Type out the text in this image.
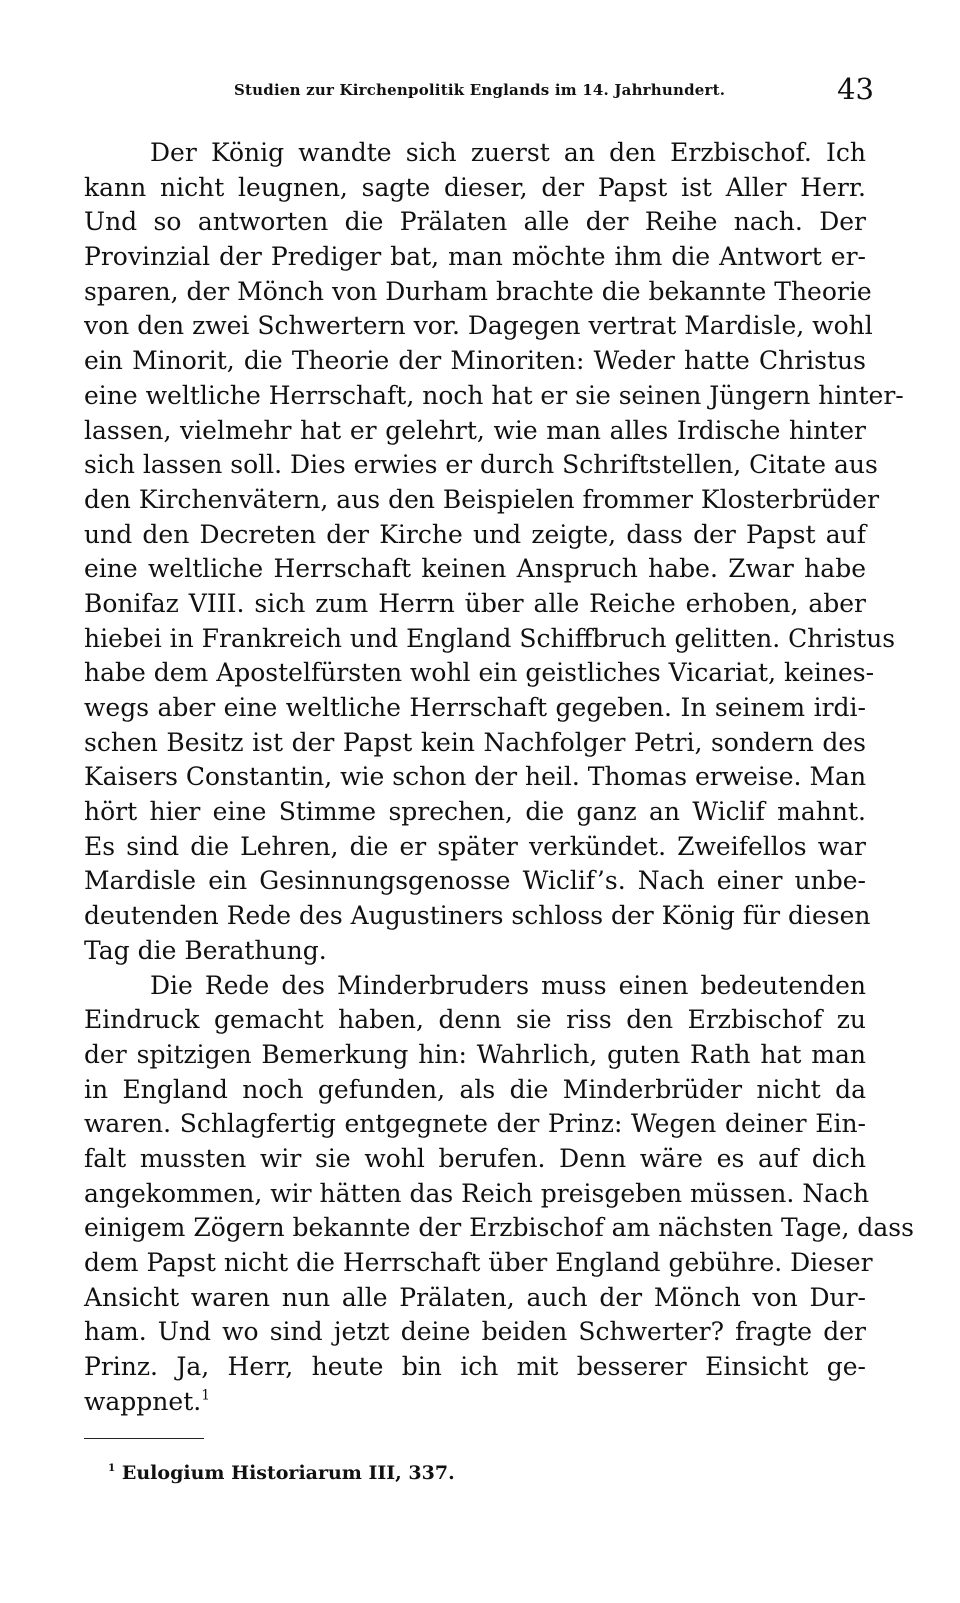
Studien zur Kirchenpolitik Englands im 14. Jahrhundert.	43
Der König wandte sich zuerst an den Erzbischof. Ich
kann nicht leugnen, sagte dieser, der Papst ist Aller Herr.
Und so antworten die Prälaten alle der Reihe nach. Der
Provinzial der Prediger bat, man möchte ihm die Antwort er-
sparen, der Mönch von Durham brachte die bekannte Theorie
von den zwei Schwertern vor. Dagegen vertrat Mardisle, wohl
ein Minorit, die Theorie der Minoriten: Weder hatte Christus
eine weltliche Herrschaft, noch hat er sie seinen Jüngern hinter-
lassen, vielmehr hat er gelehrt, wie man alles Irdische hinter
sich lassen soll. Dies erwies er durch Schriftstellen, Citate aus
den Kirchenvätern, aus den Beispielen frommer Klosterbrüder
und den Decreten der Kirche und zeigte, dass der Papst auf
eine weltliche Herrschaft keinen Anspruch habe. Zwar habe
Bonifaz VIII. sich zum Herrn über alle Reiche erhoben, aber
hiebei in Frankreich und England Schiffbruch gelitten. Christus
habe dem Apostelfürsten wohl ein geistliches Vicariat, keines-
wegs aber eine weltliche Herrschaft gegeben. In seinem irdi-
schen Besitz ist der Papst kein Nachfolger Petri, sondern des
Kaisers Constantin, wie schon der heil. Thomas erweise. Man
hört hier eine Stimme sprechen, die ganz an Wiclif mahnt.
Es sind die Lehren, die er später verkündet. Zweifellos war
Mardisle ein Gesinnungsgenosse Wiclif’s. Nach einer unbe-
deutenden Rede des Augustiners schloss der König für diesen
Tag die Berathung.
Die Rede des Minderbruders muss einen bedeutenden
Eindruck gemacht haben, denn sie riss den Erzbischof zu
der spitzigen Bemerkung hin: Wahrlich, guten Rath hat man
in England noch gefunden, als die Minderbrüder nicht da
waren. Schlagfertig entgegnete der Prinz: Wegen deiner Ein-
falt mussten wir sie wohl berufen. Denn wäre es auf dich
angekommen, wir hätten das Reich preisgeben müssen. Nach
einigem Zögern bekannte der Erzbischof am nächsten Tage, dass
dem Papst nicht die Herrschaft über England gebühre. Dieser
Ansicht waren nun alle Prälaten, auch der Mönch von Dur-
ham. Und wo sind jetzt deine beiden Schwerter? fragte der
Prinz. Ja, Herr, heute bin ich mit besserer Einsicht ge-
wappnet.$^1$
$^1$ Eulogium Historiarum III, 337.
